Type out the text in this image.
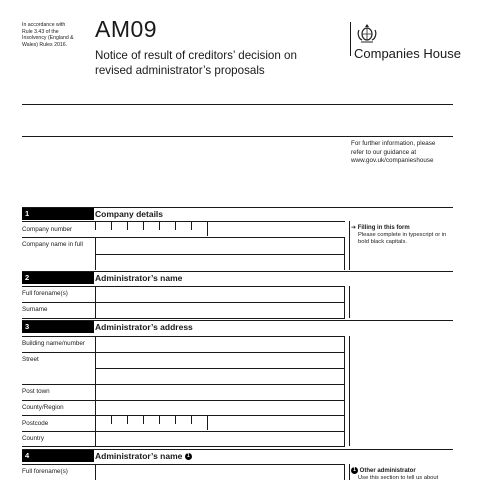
In accordance with
Rule 3.43 of the
Insolvency (England &
Wales) Rules 2016.
AM09
Notice of result of creditors’ decision on
revised administrator’s proposals
Companies House
For further information, please
refer to our guidance at
www.gov.uk/companieshouse
1	Company details
Company number
Company name in full
➔ Filling in this form
Please complete in typescript or in
bold black capitals.
2	Administrator’s name
Full forename(s)
Surname
3	Administrator’s address
Building name/number
Street
Post town
County/Region
Postcode
Country
4	Administrator’s name 1
Full forename(s)	1 Other administrator
Use this section to tell us about
